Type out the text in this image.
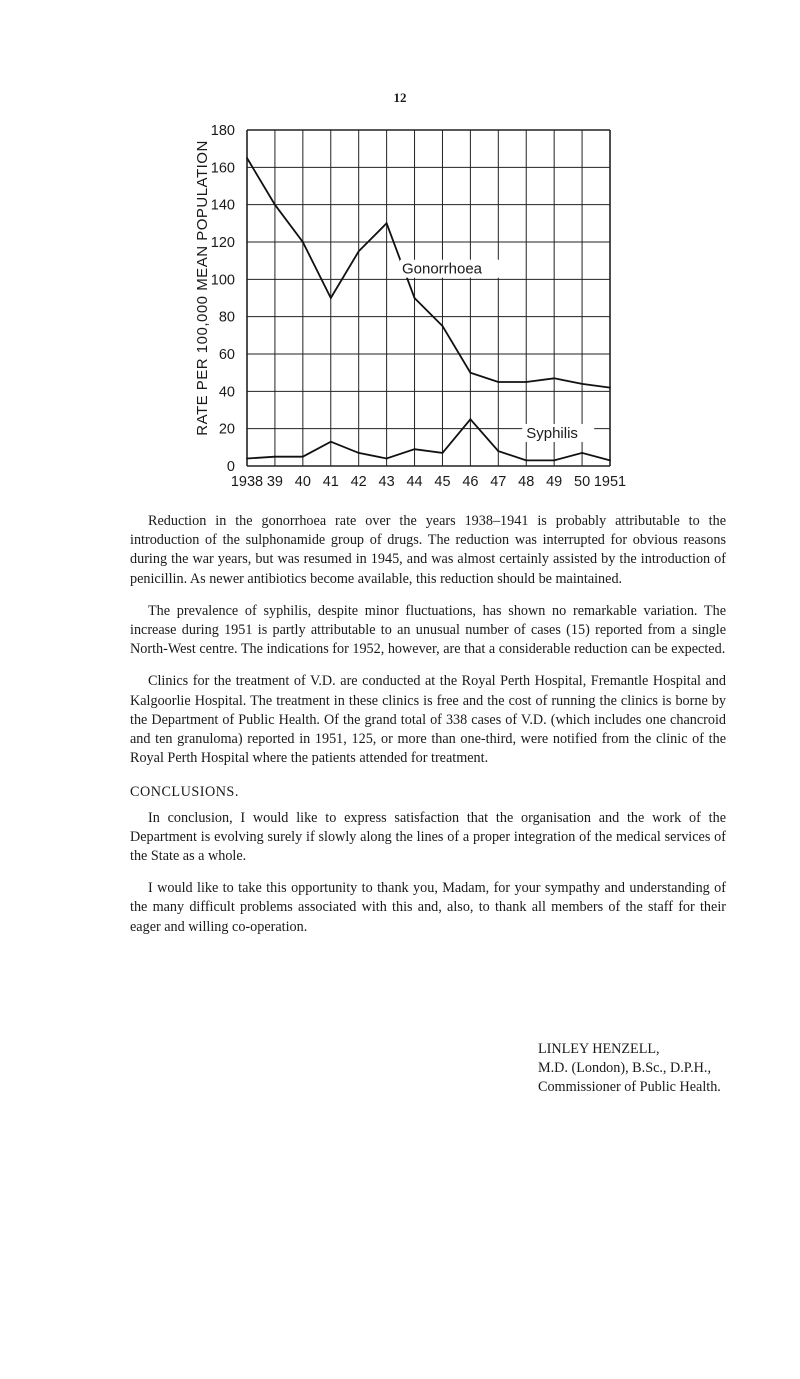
12
180
160
140
120
100
80
60
40
20
0
1938 39 40 41 42 43 44 45 46 47 48 49 50 1951
Gonorrhoea
Syphilis
RATE PER 100,000 MEAN POPULATION

Reduction in the gonorrhoea rate over the years 1938–1941 is probably attributable to the introduction of the sulphonamide group of drugs. The reduction was interrupted for obvious reasons during the war years, but was resumed in 1945, and was almost certainly assisted by the introduction of penicillin. As newer antibiotics become available, this reduction should be maintained.

The prevalence of syphilis, despite minor fluctuations, has shown no remarkable variation. The increase during 1951 is partly attributable to an unusual number of cases (15) reported from a single North-West centre. The indications for 1952, however, are that a considerable reduction can be expected.

Clinics for the treatment of V.D. are conducted at the Royal Perth Hospital, Fremantle Hospital and Kalgoorlie Hospital. The treatment in these clinics is free and the cost of running the clinics is borne by the Department of Public Health. Of the grand total of 338 cases of V.D. (which includes one chancroid and ten granuloma) reported in 1951, 125, or more than one-third, were notified from the clinic of the Royal Perth Hospital where the patients attended for treatment.

CONCLUSIONS.

In conclusion, I would like to express satisfaction that the organisation and the work of the Department is evolving surely if slowly along the lines of a proper integration of the medical services of the State as a whole.

I would like to take this opportunity to thank you, Madam, for your sympathy and understanding of the many difficult problems associated with this and, also, to thank all members of the staff for their eager and willing co-operation.

LINLEY HENZELL,
M.D. (London), B.Sc., D.P.H.,
Commissioner of Public Health.
